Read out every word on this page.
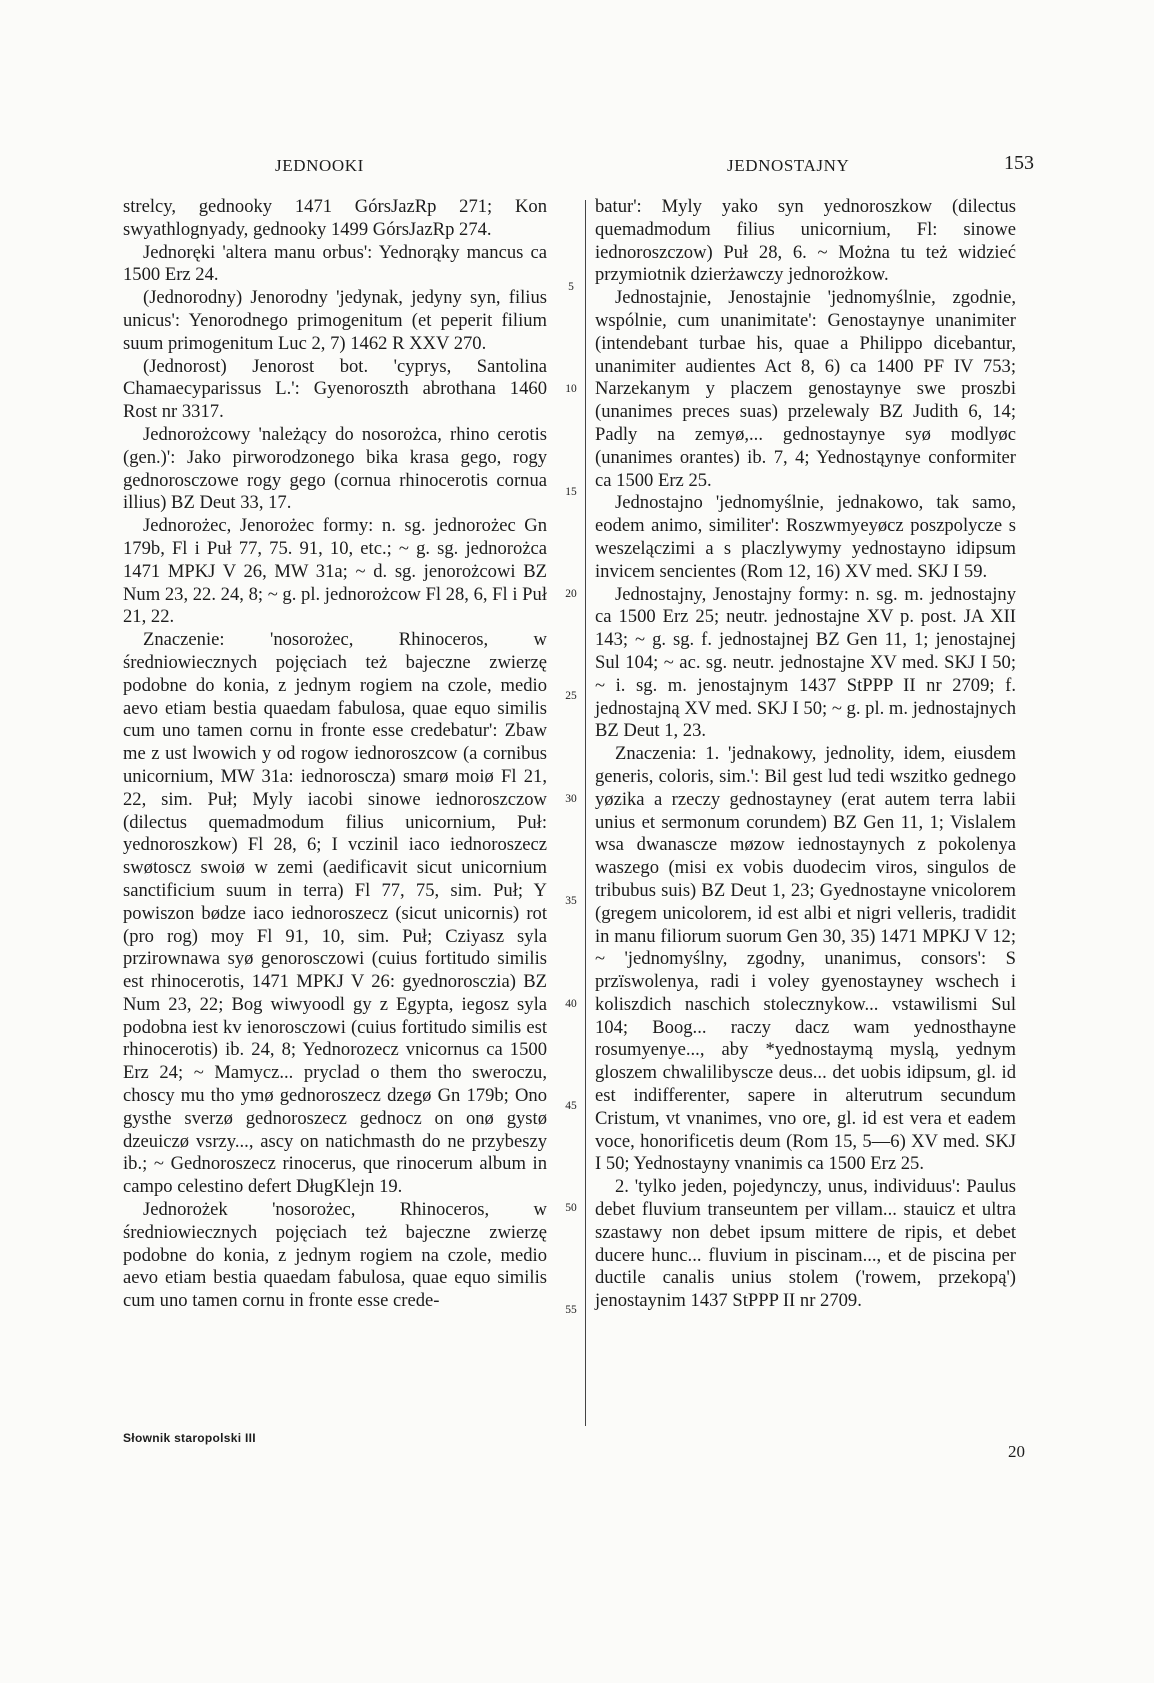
JEDNOOKI	JEDNOSTAJNY	153

strelcy, gednooky 1471 GórsJazRp 271; Kon swyathlognyady, gednooky 1499 GórsJazRp 274.

Jednoręki 'altera manu orbus': Yednorąky mancus ca 1500 Erz 24.

(Jednorodny) Jenorodny 'jedynak, jedyny syn, filius unicus': Yenorodnego primogenitum (et peperit filium suum primogenitum Luc 2, 7) 1462 R XXV 270.

(Jednorost) Jenorost bot. 'cyprys, Santolina Chamaecyparissus L.': Gyenoroszth abrothana 1460 Rost nr 3317.

Jednorożcowy 'należący do nosorożca, rhino cerotis (gen.)': Jako pirworodzonego bika krasa gego, rogy gednorosczowe rogy gego (cornua rhinocerotis cornua illius) BZ Deut 33, 17.

Jednorożec, Jenorożec formy: n. sg. jednorożec Gn 179b, Fl i Puł 77, 75. 91, 10, etc.; ~ g. sg. jednorożca 1471 MPKJ V 26, MW 31a; ~ d. sg. jenorożcowi BZ Num 23, 22. 24, 8; ~ g. pl. jednorożcow Fl 28, 6, Fl i Puł 21, 22.

Znaczenie: 'nosorożec, Rhinoceros, w średniowiecznych pojęciach też bajeczne zwierzę podobne do konia, z jednym rogiem na czole, medio aevo etiam bestia quaedam fabulosa, quae equo similis cum uno tamen cornu in fronte esse credebatur': Zbaw me z ust lwowich y od rogow iednoroszcow (a cornibus unicornium, MW 31a: iednoroscza) smarø moiø Fl 21, 22, sim. Puł; Myly iacobi sinowe iednoroszczow (dilectus quemadmodum filius unicornium, Puł: yednoroszkow) Fl 28, 6; I vczinil iaco iednoroszecz swøtoscz swoiø w zemi (aedificavit sicut unicornium sanctificium suum in terra) Fl 77, 75, sim. Puł; Y powiszon bødze iaco iednoroszecz (sicut unicornis) rot (pro rog) moy Fl 91, 10, sim. Puł; Cziyasz syla przirownawa syø genorosczowi (cuius fortitudo similis est rhinocerotis, 1471 MPKJ V 26: gyednorosczia) BZ Num 23, 22; Bog wiwyoodl gy z Egypta, iegosz syla podobna iest kv ienorosczowi (cuius fortitudo similis est rhinocerotis) ib. 24, 8; Yednorozecz vnicornus ca 1500 Erz 24; ~ Mamycz... pryclad o them tho sweroczu, choscy mu tho ymø gednoroszecz dzegø Gn 179b; Ono gysthe sverzø gednoroszecz gednocz on onø gystø dzeuiczø vsrzy..., ascy on natichmasth do ne przybeszy ib.; ~ Gednoroszecz rinocerus, que rinocerum album in campo celestino defert DługKlejn 19.

Jednorożek 'nosorożec, Rhinoceros, w średniowiecznych pojęciach też bajeczne zwierzę podobne do konia, z jednym rogiem na czole, medio aevo etiam bestia quaedam fabulosa, quae equo similis cum uno tamen cornu in fronte esse crede-

5
10
15
20
25
30
35
40
45
50
55

batur': Myly yako syn yednoroszkow (dilectus quemadmodum filius unicornium, Fl: sinowe iednoroszczow) Puł 28, 6. ~ Można tu też widzieć przymiotnik dzierżawczy jednorożkow.

Jednostajnie, Jenostajnie 'jednomyślnie, zgodnie, wspólnie, cum unanimitate': Genostaynye unanimiter (intendebant turbae his, quae a Philippo dicebantur, unanimiter audientes Act 8, 6) ca 1400 PF IV 753; Narzekanym y placzem genostaynye swe proszbi (unanimes preces suas) przelewaly BZ Judith 6, 14; Padly na zemyø,... gednostaynye syø modlyøc (unanimes orantes) ib. 7, 4; Yednostąynye conformiter ca 1500 Erz 25.

Jednostajno 'jednomyślnie, jednakowo, tak samo, eodem animo, similiter': Roszwmyeyøcz poszpolycze s weszelączimi a s placzlywymy yednostayno idipsum invicem sencientes (Rom 12, 16) XV med. SKJ I 59.

Jednostajny, Jenostajny formy: n. sg. m. jednostajny ca 1500 Erz 25; neutr. jednostajne XV p. post. JA XII 143; ~ g. sg. f. jednostajnej BZ Gen 11, 1; jenostajnej Sul 104; ~ ac. sg. neutr. jednostajne XV med. SKJ I 50; ~ i. sg. m. jenostajnym 1437 StPPP II nr 2709; f. jednostajną XV med. SKJ I 50; ~ g. pl. m. jednostajnych BZ Deut 1, 23.

Znaczenia: 1. 'jednakowy, jednolity, idem, eiusdem generis, coloris, sim.': Bil gest lud tedi wszitko gednego yøzika a rzeczy gednostayney (erat autem terra labii unius et sermonum corundem) BZ Gen 11, 1; Vislalem wsa dwanascze møzow iednostaynych z pokolenya waszego (misi ex vobis duodecim viros, singulos de tribubus suis) BZ Deut 1, 23; Gyednostayne vnicolorem (gregem unicolorem, id est albi et nigri velleris, tradidit in manu filiorum suorum Gen 30, 35) 1471 MPKJ V 12; ~ 'jednomyślny, zgodny, unanimus, consors': S przïswolenya, radi i voley gyenostayney wschech i koliszdich naschich stolecznykow... vstawilismi Sul 104; Boog... raczy dacz wam yednosthayne rosumyenye..., aby *yednostaymą myslą, yednym gloszem chwalilibyscze deus... det uobis idipsum, gl. id est indifferenter, sapere in alterutrum secundum Cristum, vt vnanimes, vno ore, gl. id est vera et eadem voce, honorificetis deum (Rom 15, 5—6) XV med. SKJ I 50; Yednostayny vnanimis ca 1500 Erz 25.

2. 'tylko jeden, pojedynczy, unus, individuus': Paulus debet fluvium transeuntem per villam... stauicz et ultra szastawy non debet ipsum mittere de ripis, et debet ducere hunc... fluvium in piscinam..., et de piscina per ductile canalis unius stolem ('rowem, przekopą') jenostaynim 1437 StPPP II nr 2709.

Słownik staropolski III
20
